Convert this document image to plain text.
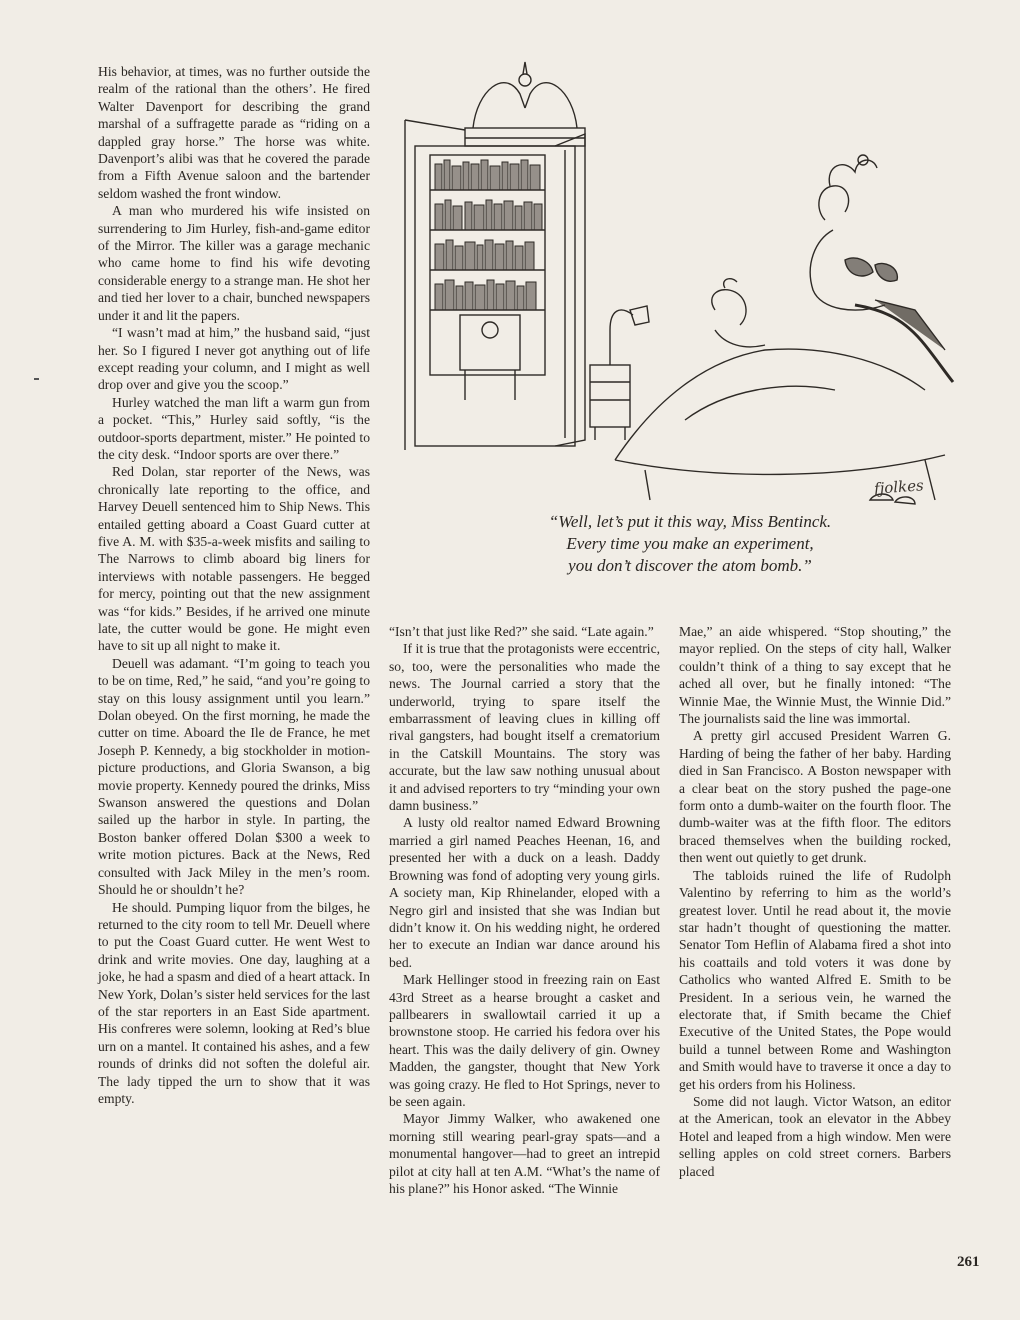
fjolkes
“Well, let’s put it this way, Miss Bentinck.
Every time you make an experiment,
you don’t discover the atom bomb.”

His behavior, at times, was no further outside the realm of the rational than the others’. He fired Walter Davenport for describing the grand marshal of a suffragette parade as “riding on a dappled gray horse.” The horse was white. Davenport’s alibi was that he covered the parade from a Fifth Avenue saloon and the bartender seldom washed the front window.

A man who murdered his wife insisted on surrendering to Jim Hurley, fish-and-game editor of the Mirror. The killer was a garage mechanic who came home to find his wife devoting considerable energy to a strange man. He shot her and tied her lover to a chair, bunched newspapers under it and lit the papers.

“I wasn’t mad at him,” the husband said, “just her. So I figured I never got anything out of life except reading your column, and I might as well drop over and give you the scoop.”

Hurley watched the man lift a warm gun from a pocket. “This,” Hurley said softly, “is the outdoor-sports department, mister.” He pointed to the city desk. “Indoor sports are over there.”

Red Dolan, star reporter of the News, was chronically late reporting to the office, and Harvey Deuell sentenced him to Ship News. This entailed getting aboard a Coast Guard cutter at five A. M. with $35-a-week misfits and sailing to The Narrows to climb aboard big liners for interviews with notable passengers. He begged for mercy, pointing out that the new assignment was “for kids.” Besides, if he arrived one minute late, the cutter would be gone. He might even have to sit up all night to make it.

Deuell was adamant. “I’m going to teach you to be on time, Red,” he said, “and you’re going to stay on this lousy assignment until you learn.” Dolan obeyed. On the first morning, he made the cutter on time. Aboard the Ile de France, he met Joseph P. Kennedy, a big stockholder in motion-picture productions, and Gloria Swanson, a big movie property. Kennedy poured the drinks, Miss Swanson answered the questions and Dolan sailed up the harbor in style. In parting, the Boston banker offered Dolan $300 a week to write motion pictures. Back at the News, Red consulted with Jack Miley in the men’s room. Should he or shouldn’t he?

He should. Pumping liquor from the bilges, he returned to the city room to tell Mr. Deuell where to put the Coast Guard cutter. He went West to drink and write movies. One day, laughing at a joke, he had a spasm and died of a heart attack. In New York, Dolan’s sister held services for the last of the star reporters in an East Side apartment. His confreres were solemn, looking at Red’s blue urn on a mantel. It contained his ashes, and a few rounds of drinks did not soften the doleful air. The lady tipped the urn to show that it was empty.

“Isn’t that just like Red?” she said. “Late again.”

If it is true that the protagonists were eccentric, so, too, were the personalities who made the news. The Journal carried a story that the underworld, trying to spare itself the embarrassment of leaving clues in killing off rival gangsters, had bought itself a crematorium in the Catskill Mountains. The story was accurate, but the law saw nothing unusual about it and advised reporters to try “minding your own damn business.”

A lusty old realtor named Edward Browning married a girl named Peaches Heenan, 16, and presented her with a duck on a leash. Daddy Browning was fond of adopting very young girls. A society man, Kip Rhinelander, eloped with a Negro girl and insisted that she was Indian but didn’t know it. On his wedding night, he ordered her to execute an Indian war dance around his bed.

Mark Hellinger stood in freezing rain on East 43rd Street as a hearse brought a casket and pallbearers in swallowtail carried it up a brownstone stoop. He carried his fedora over his heart. This was the daily delivery of gin. Owney Madden, the gangster, thought that New York was going crazy. He fled to Hot Springs, never to be seen again.

Mayor Jimmy Walker, who awakened one morning still wearing pearl-gray spats—and a monumental hangover—had to greet an intrepid pilot at city hall at ten A.M. “What’s the name of his plane?” his Honor asked. “The Winnie

Mae,” an aide whispered. “Stop shouting,” the mayor replied. On the steps of city hall, Walker couldn’t think of a thing to say except that he ached all over, but he finally intoned: “The Winnie Mae, the Winnie Must, the Winnie Did.” The journalists said the line was immortal.

A pretty girl accused President Warren G. Harding of being the father of her baby. Harding died in San Francisco. A Boston newspaper with a clear beat on the story pushed the page-one form onto a dumb-waiter on the fourth floor. The dumb-waiter was at the fifth floor. The editors braced themselves when the building rocked, then went out quietly to get drunk.

The tabloids ruined the life of Rudolph Valentino by referring to him as the world’s greatest lover. Until he read about it, the movie star hadn’t thought of questioning the matter. Senator Tom Heflin of Alabama fired a shot into his coattails and told voters it was done by Catholics who wanted Alfred E. Smith to be President. In a serious vein, he warned the electorate that, if Smith became the Chief Executive of the United States, the Pope would build a tunnel between Rome and Washington and Smith would have to traverse it once a day to get his orders from his Holiness.

Some did not laugh. Victor Watson, an editor at the American, took an elevator in the Abbey Hotel and leaped from a high window. Men were selling apples on cold street corners. Barbers placed

261
